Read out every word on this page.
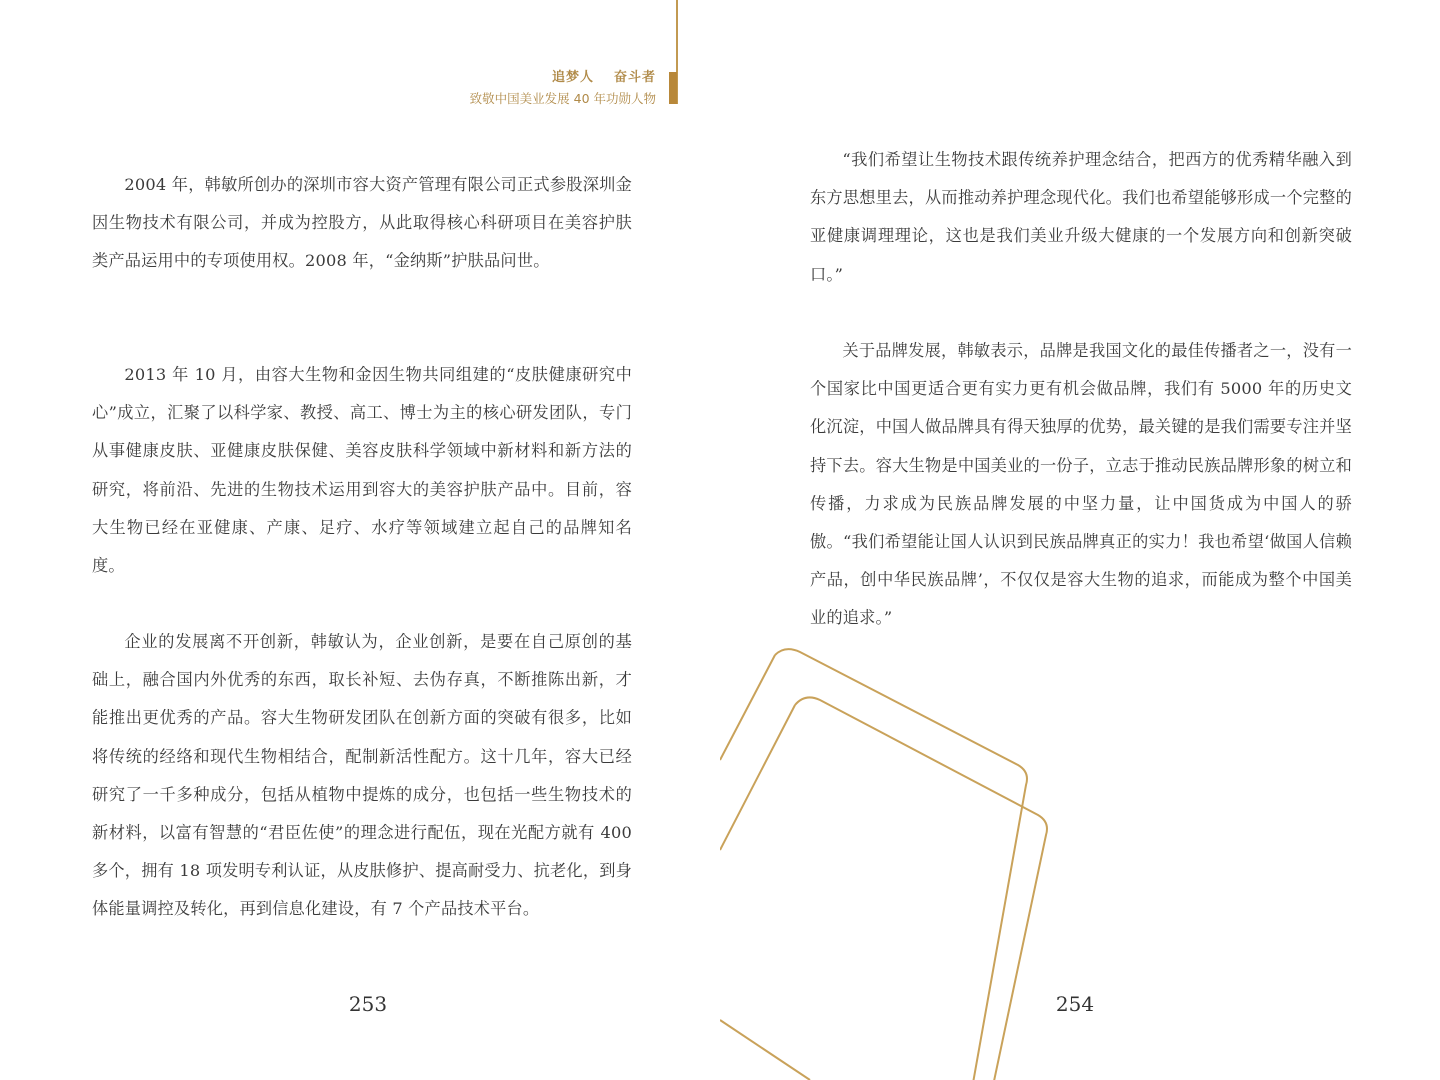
追梦人 奋斗者
致敬中国美业发展 40 年功勋人物

2004 年，韩敏所创办的深圳市容大资产管理有限公司正式参股深圳金因生物技术有限公司，并成为控股方，从此取得核心科研项目在美容护肤类产品运用中的专项使用权。2008 年，“金纳斯”护肤品问世。

2013 年 10 月，由容大生物和金因生物共同组建的“皮肤健康研究中心”成立，汇聚了以科学家、教授、高工、博士为主的核心研发团队，专门从事健康皮肤、亚健康皮肤保健、美容皮肤科学领域中新材料和新方法的研究，将前沿、先进的生物技术运用到容大的美容护肤产品中。目前，容大生物已经在亚健康、产康、足疗、水疗等领域建立起自己的品牌知名度。

企业的发展离不开创新，韩敏认为，企业创新，是要在自己原创的基础上，融合国内外优秀的东西，取长补短、去伪存真，不断推陈出新，才能推出更优秀的产品。容大生物研发团队在创新方面的突破有很多，比如将传统的经络和现代生物相结合，配制新活性配方。这十几年，容大已经研究了一千多种成分，包括从植物中提炼的成分，也包括一些生物技术的新材料，以富有智慧的“君臣佐使”的理念进行配伍，现在光配方就有 400 多个，拥有 18 项发明专利认证，从皮肤修护、提高耐受力、抗老化，到身体能量调控及转化，再到信息化建设，有 7 个产品技术平台。

253

“我们希望让生物技术跟传统养护理念结合，把西方的优秀精华融入到东方思想里去，从而推动养护理念现代化。我们也希望能够形成一个完整的亚健康调理理论，这也是我们美业升级大健康的一个发展方向和创新突破口。”

关于品牌发展，韩敏表示，品牌是我国文化的最佳传播者之一，没有一个国家比中国更适合更有实力更有机会做品牌，我们有 5000 年的历史文化沉淀，中国人做品牌具有得天独厚的优势，最关键的是我们需要专注并坚持下去。容大生物是中国美业的一份子，立志于推动民族品牌形象的树立和传播，力求成为民族品牌发展的中坚力量，让中国货成为中国人的骄傲。“我们希望能让国人认识到民族品牌真正的实力！我也希望‘做国人信赖产品，创中华民族品牌’，不仅仅是容大生物的追求，而能成为整个中国美业的追求。”

254
